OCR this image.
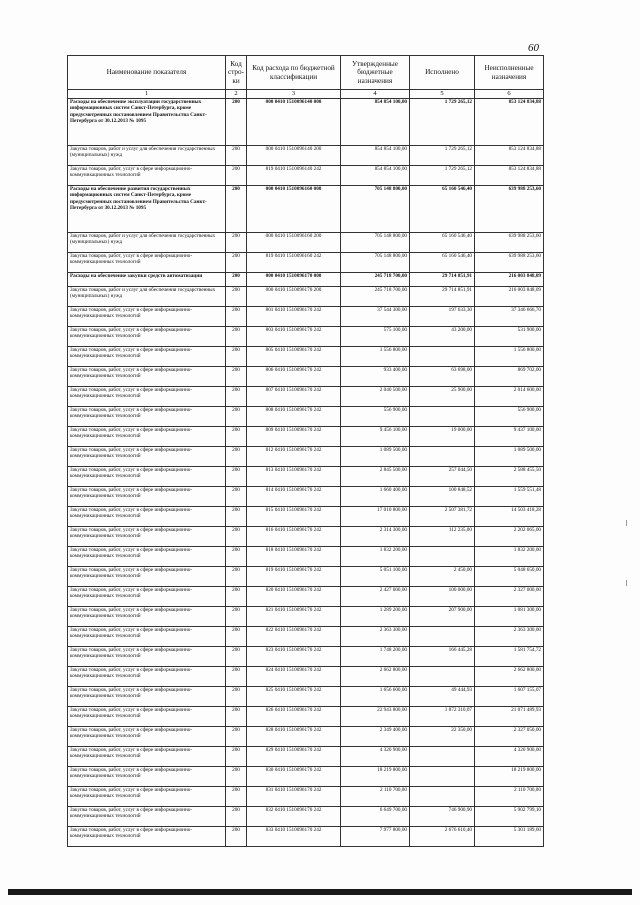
60
Наименование показателя	Код стро-ки	Код расхода по бюджетной классификации	Утвержденные бюджетные назначения	Исполнено	Неисполненные назначения
1	2	3	4	5	6
Расходы на обеспечение эксплуатации государственных информационных систем Санкт-Петербурга, кроме предусмотренных постановлением Правительства Санкт-Петербурга от 30.12.2013 № 1095	200	000 0410 1510096140 000	854 854 100,00	1 729 265,12	853 124 834,88
Закупка товаров, работ и услуг для обеспечения государственных (муниципальных) нужд	200	000 0410 1510096140 200	854 854 100,00	1 729 265,12	853 124 834,88
Закупка товаров, работ, услуг в сфере информационно-коммуникационных технологий	200	819 0410 1510096140 242	854 854 100,00	1 729 265,12	853 124 834,88
Расходы на обеспечение развития государственных информационных систем Санкт-Петербурга, кроме предусмотренных постановлением Правительства Санкт-Петербурга от 30.12.2013 № 1095	200	000 0410 1510096160 000	705 148 800,00	65 160 546,40	639 988 253,60
Закупка товаров, работ и услуг для обеспечения государственных (муниципальных) нужд	200	000 0410 1510096160 200	705 148 800,00	65 160 546,40	639 988 253,60
Закупка товаров, работ, услуг в сфере информационно-коммуникационных технологий	200	819 0410 1510096160 242	705 148 800,00	65 160 546,40	639 988 253,60
Расходы на обеспечение закупки средств автоматизации	200	000 0410 1510096170 000	245 718 700,00	29 714 851,91	216 003 848,09
Закупка товаров, работ и услуг для обеспечения государственных (муниципальных) нужд	200	000 0410 1510096170 200	245 718 700,00	29 714 851,91	216 003 848,09
Закупка товаров, работ, услуг в сфере информационно-коммуникационных технологий	200	801 0410 1510096170 242	37 544 300,00	197 633,30	37 346 666,70
Закупка товаров, работ, услуг в сфере информационно-коммуникационных технологий	200	803 0410 1510096170 242	575 100,00	43 200,00	531 900,00
Закупка товаров, работ, услуг в сфере информационно-коммуникационных технологий	200	805 0410 1510096170 242	1 556 800,00		1 556 800,00
Закупка товаров, работ, услуг в сфере информационно-коммуникационных технологий	200	806 0410 1510096170 242	933 400,00	63 698,00	869 702,00
Закупка товаров, работ, услуг в сфере информационно-коммуникационных технологий	200	807 0410 1510096170 242	2 040 500,00	25 900,00	2 014 600,00
Закупка товаров, работ, услуг в сфере информационно-коммуникационных технологий	200	808 0410 1510096170 242	556 900,00		556 900,00
Закупка товаров, работ, услуг в сфере информационно-коммуникационных технологий	200	809 0410 1510096170 242	9 456 100,00	19 000,00	9 437 100,00
Закупка товаров, работ, услуг в сфере информационно-коммуникационных технологий	200	812 0410 1510096170 242	1 089 500,00		1 089 500,00
Закупка товаров, работ, услуг в сфере информационно-коммуникационных технологий	200	813 0410 1510096170 242	2 845 500,00	257 044,50	2 588 455,50
Закупка товаров, работ, услуг в сфере информационно-коммуникационных технологий	200	814 0410 1510096170 242	1 660 400,00	100 848,52	1 559 551,48
Закупка товаров, работ, услуг в сфере информационно-коммуникационных технологий	200	815 0410 1510096170 242	17 010 800,00	2 507 381,72	14 503 418,28
Закупка товаров, работ, услуг в сфере информационно-коммуникационных технологий	200	816 0410 1510096170 242	2 314 300,00	112 235,00	2 202 065,00
Закупка товаров, работ, услуг в сфере информационно-коммуникационных технологий	200	818 0410 1510096170 242	1 832 200,00		1 832 200,00
Закупка товаров, работ, услуг в сфере информационно-коммуникационных технологий	200	819 0410 1510096170 242	5 051 100,00	2 450,00	5 048 650,00
Закупка товаров, работ, услуг в сфере информационно-коммуникационных технологий	200	820 0410 1510096170 242	2 427 000,00	100 000,00	2 327 000,00
Закупка товаров, работ, услуг в сфере информационно-коммуникационных технологий	200	821 0410 1510096170 242	1 289 200,00	207 900,00	1 081 300,00
Закупка товаров, работ, услуг в сфере информационно-коммуникационных технологий	200	822 0410 1510096170 242	2 363 300,00		2 363 300,00
Закупка товаров, работ, услуг в сфере информационно-коммуникационных технологий	200	823 0410 1510096170 242	1 748 200,00	166 445,28	1 581 754,72
Закупка товаров, работ, услуг в сфере информационно-коммуникационных технологий	200	824 0410 1510096170 242	2 662 800,00		2 662 800,00
Закупка товаров, работ, услуг в сфере информационно-коммуникационных технологий	200	825 0410 1510096170 242	1 656 600,00	49 444,93	1 607 155,07
Закупка товаров, работ, услуг в сфере информационно-коммуникационных технологий	200	826 0410 1510096170 242	22 943 800,00	1 872 310,07	21 071 489,93
Закупка товаров, работ, услуг в сфере информационно-коммуникационных технологий	200	828 0410 1510096170 242	2 349 400,00	22 350,00	2 327 050,00
Закупка товаров, работ, услуг в сфере информационно-коммуникационных технологий	200	829 0410 1510096170 242	4 320 900,00		4 320 900,00
Закупка товаров, работ, услуг в сфере информационно-коммуникационных технологий	200	830 0410 1510096170 242	18 219 800,00		18 219 800,00
Закупка товаров, работ, услуг в сфере информационно-коммуникационных технологий	200	831 0410 1510096170 242	2 110 700,00		2 110 700,00
Закупка товаров, работ, услуг в сфере информационно-коммуникационных технологий	200	832 0410 1510096170 242	6 649 700,00	746 900,90	5 902 799,10
Закупка товаров, работ, услуг в сфере информационно-коммуникационных технологий	200	833 0410 1510096170 242	7 977 800,00	2 676 610,40	5 301 189,60
